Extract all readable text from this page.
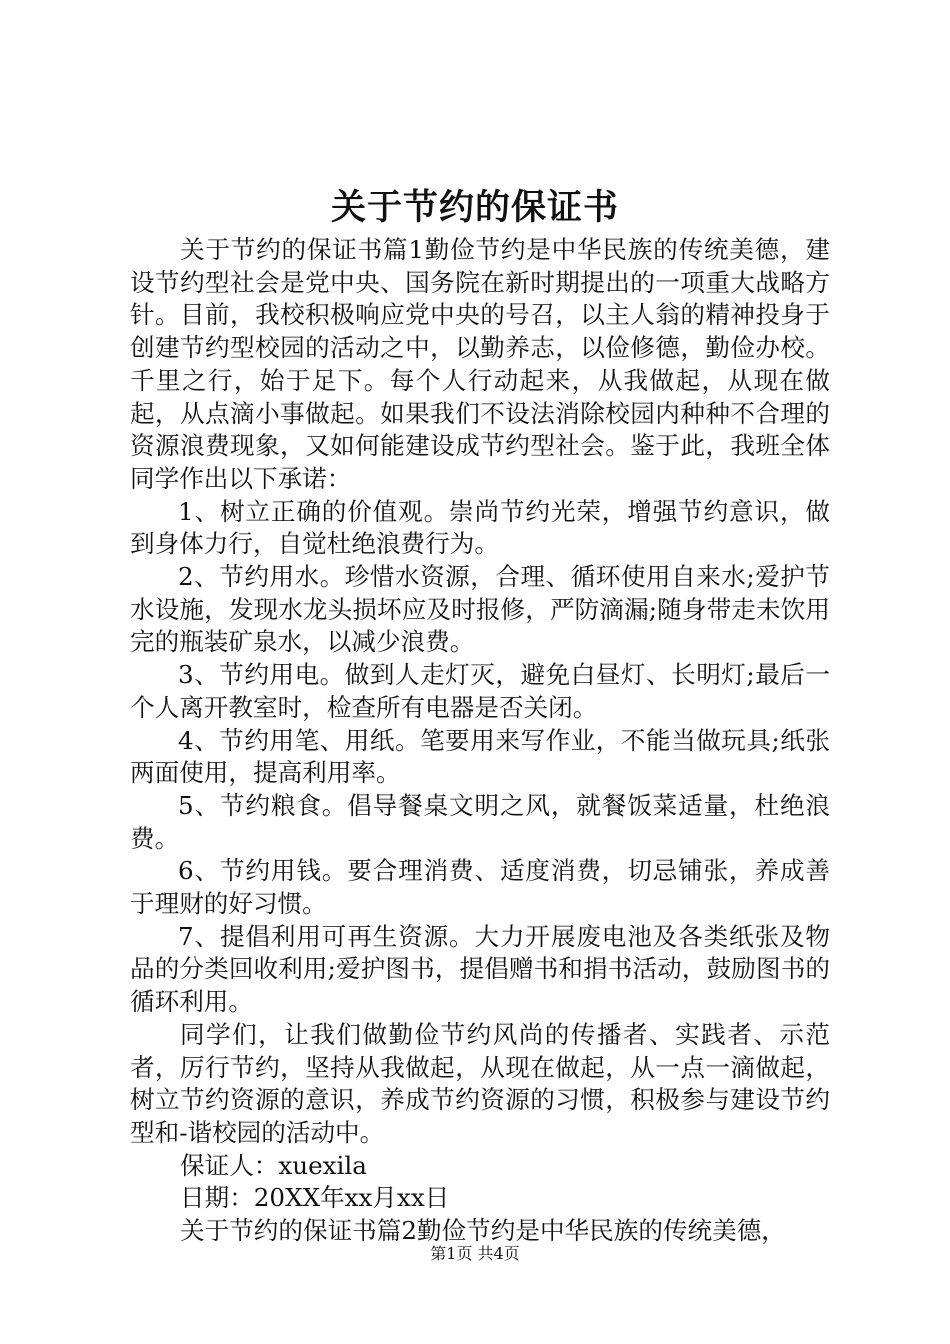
关于节约的保证书

关于节约的保证书篇1勤俭节约是中华民族的传统美德，建设节约型社会是党中央、国务院在新时期提出的一项重大战略方针。目前，我校积极响应党中央的号召，以主人翁的精神投身于创建节约型校园的活动之中，以勤养志，以俭修德，勤俭办校。千里之行，始于足下。每个人行动起来，从我做起，从现在做起，从点滴小事做起。如果我们不设法消除校园内种种不合理的资源浪费现象，又如何能建设成节约型社会。鉴于此，我班全体同学作出以下承诺：

1、树立正确的价值观。崇尚节约光荣，增强节约意识，做到身体力行，自觉杜绝浪费行为。

2、节约用水。珍惜水资源，合理、循环使用自来水;爱护节水设施，发现水龙头损坏应及时报修，严防滴漏;随身带走未饮用完的瓶装矿泉水，以减少浪费。

3、节约用电。做到人走灯灭，避免白昼灯、长明灯;最后一个人离开教室时，检查所有电器是否关闭。

4、节约用笔、用纸。笔要用来写作业，不能当做玩具;纸张两面使用，提高利用率。

5、节约粮食。倡导餐桌文明之风，就餐饭菜适量，杜绝浪费。

6、节约用钱。要合理消费、适度消费，切忌铺张，养成善于理财的好习惯。

7、提倡利用可再生资源。大力开展废电池及各类纸张及物品的分类回收利用;爱护图书，提倡赠书和捐书活动，鼓励图书的循环利用。

同学们，让我们做勤俭节约风尚的传播者、实践者、示范者，厉行节约，坚持从我做起，从现在做起，从一点一滴做起，树立节约资源的意识，养成节约资源的习惯，积极参与建设节约型和-谐校园的活动中。

保证人：xuexila

日期：20XX年xx月xx日

关于节约的保证书篇2勤俭节约是中华民族的传统美德，

第1页 共4页
